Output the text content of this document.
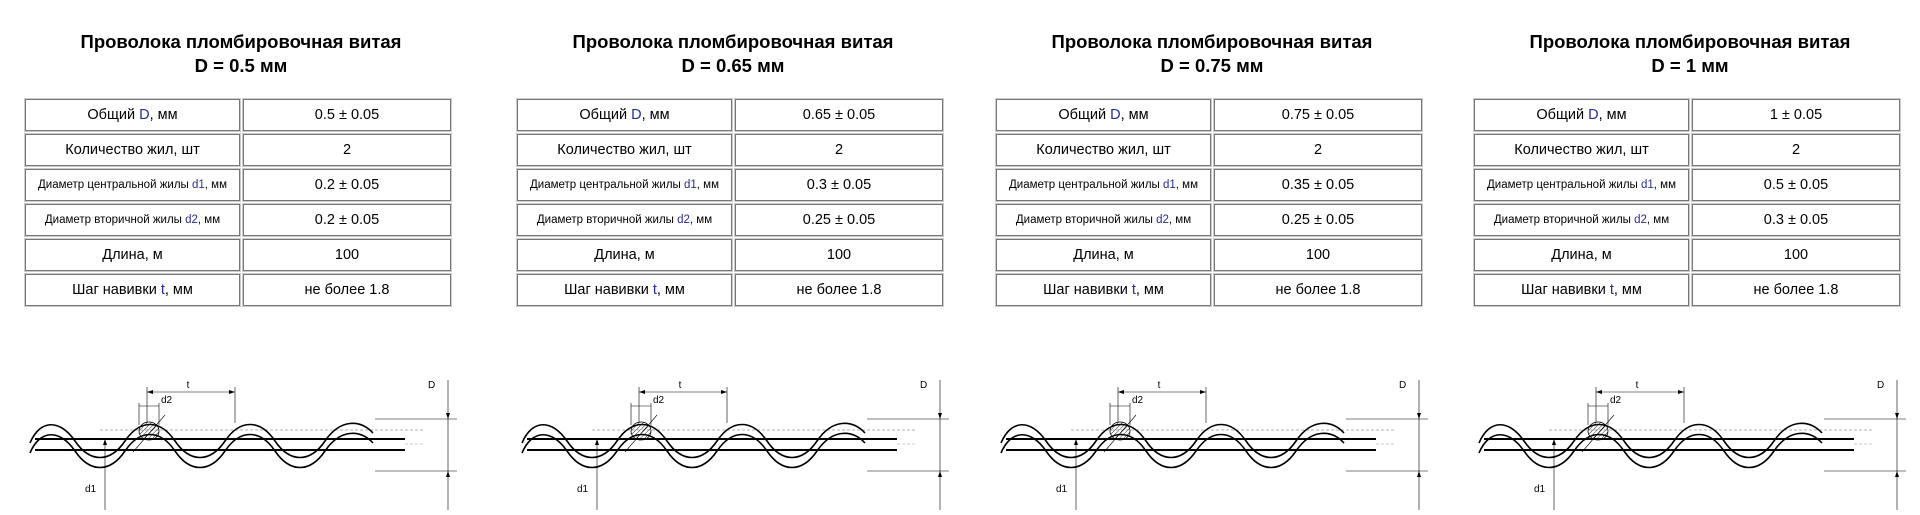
Проволока пломбировочная витая
D = 0.5 мм
Общий D, мм	0.5 ± 0.05
Количество жил, шт	2
Диаметр центральной жилы d1, мм	0.2 ± 0.05
Диаметр вторичной жилы d2, мм	0.2 ± 0.05
Длина, м	100
Шаг навивки t, мм	не более 1.8
t
d2
d1
D
Проволока пломбировочная витая
D = 0.65 мм
Общий D, мм	0.65 ± 0.05
Количество жил, шт	2
Диаметр центральной жилы d1, мм	0.3 ± 0.05
Диаметр вторичной жилы d2, мм	0.25 ± 0.05
Длина, м	100
Шаг навивки t, мм	не более 1.8
t
d2
d1
D
Проволока пломбировочная витая
D = 0.75 мм
Общий D, мм	0.75 ± 0.05
Количество жил, шт	2
Диаметр центральной жилы d1, мм	0.35 ± 0.05
Диаметр вторичной жилы d2, мм	0.25 ± 0.05
Длина, м	100
Шаг навивки t, мм	не более 1.8
t
d2
d1
D
Проволока пломбировочная витая
D = 1 мм
Общий D, мм	1 ± 0.05
Количество жил, шт	2
Диаметр центральной жилы d1, мм	0.5 ± 0.05
Диаметр вторичной жилы d2, мм	0.3 ± 0.05
Длина, м	100
Шаг навивки t, мм	не более 1.8
t
d2
d1
D
